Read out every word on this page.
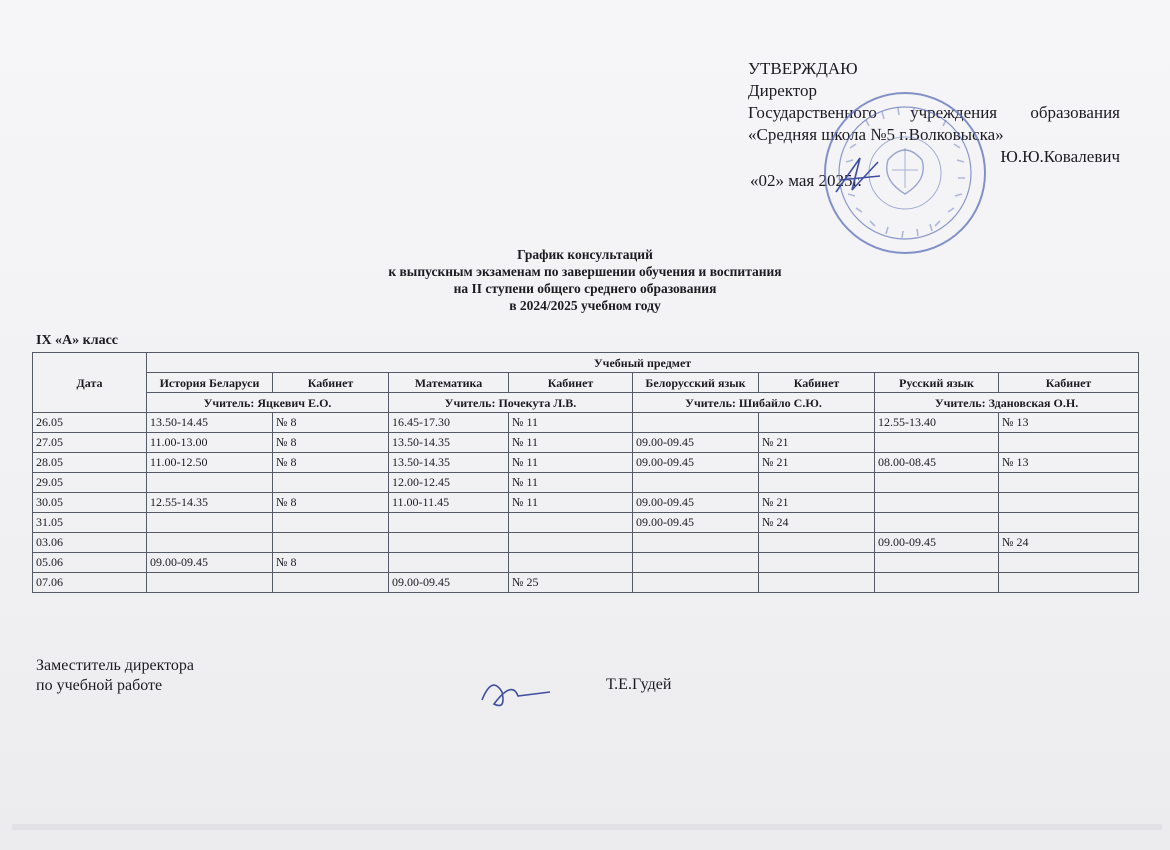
УТВЕРЖДАЮ
Директор
Государственного учреждения образования
«Средняя школа №5 г.Волковыска»
Ю.Ю.Ковалевич
«02» мая 2025г.
График консультаций
к выпускным экзаменам по завершении обучения и воспитания
на II ступени общего среднего образования
в 2024/2025 учебном году
IX «А» класс
Дата	Учебный предмет							
	История Беларуси	Кабинет	Математика	Кабинет	Белорусский язык	Кабинет	Русский язык	Кабинет
	Учитель: Яцкевич Е.О.		Учитель: Почекута Л.В.		Учитель: Шибайло С.Ю.		Учитель: Здановская О.Н.	
26.05	13.50-14.45	№ 8	16.45-17.30	№ 11			12.55-13.40	№ 13
27.05	11.00-13.00	№ 8	13.50-14.35	№ 11	09.00-09.45	№ 21		
28.05	11.00-12.50	№ 8	13.50-14.35	№ 11	09.00-09.45	№ 21	08.00-08.45	№ 13
29.05			12.00-12.45	№ 11				
30.05	12.55-14.35	№ 8	11.00-11.45	№ 11	09.00-09.45	№ 21		
31.05					09.00-09.45	№ 24		
03.06							09.00-09.45	№ 24
05.06	09.00-09.45	№ 8						
07.06			09.00-09.45	№ 25				
Заместитель директора
по учебной работе	Т.Е.Гудей
